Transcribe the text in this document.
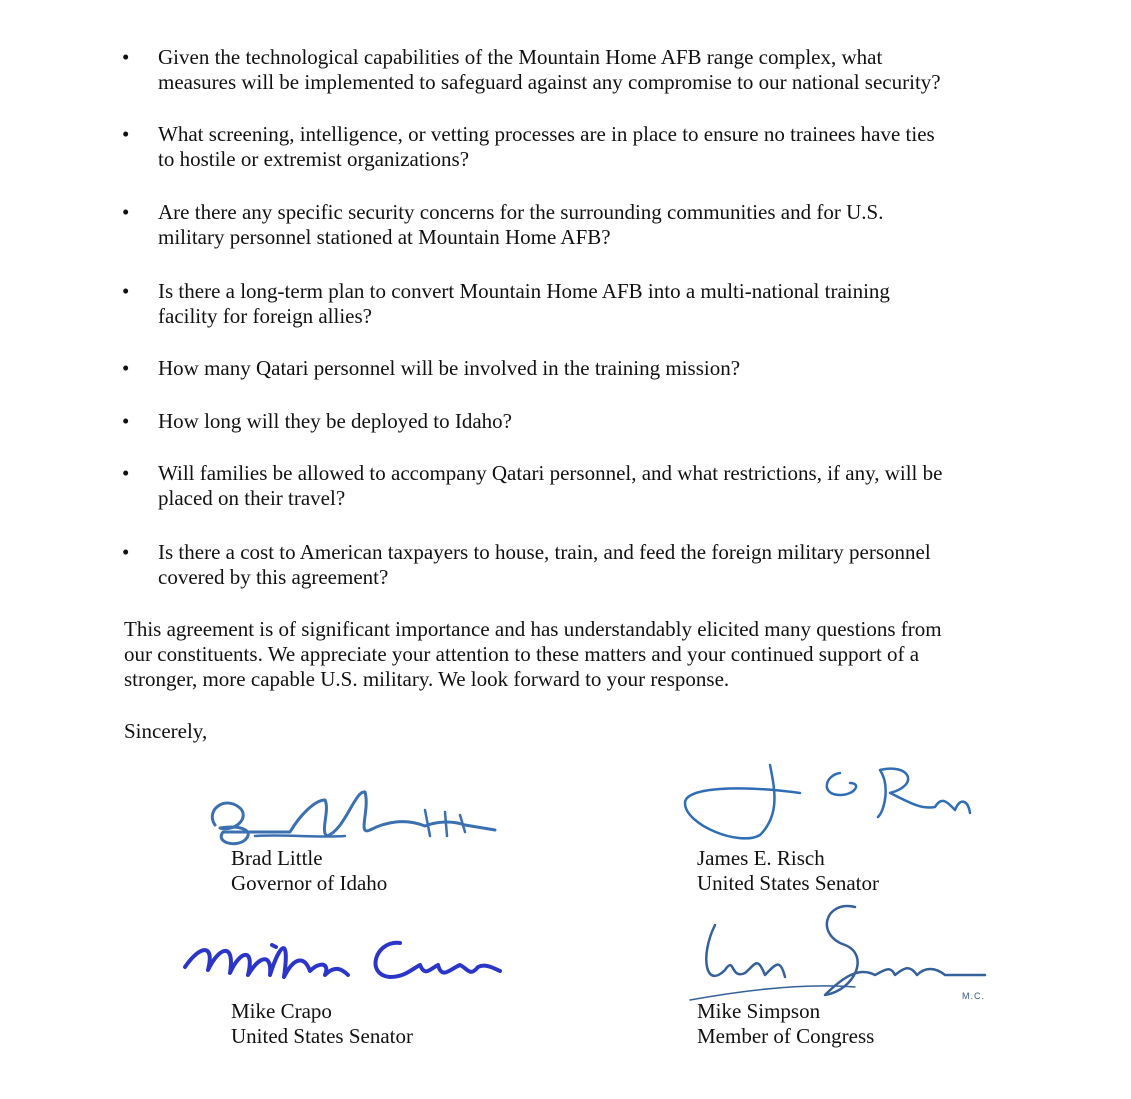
• Given the technological capabilities of the Mountain Home AFB range complex, what
measures will be implemented to safeguard against any compromise to our national security?
• What screening, intelligence, or vetting processes are in place to ensure no trainees have ties
to hostile or extremist organizations?
• Are there any specific security concerns for the surrounding communities and for U.S.
military personnel stationed at Mountain Home AFB?
• Is there a long-term plan to convert Mountain Home AFB into a multi-national training
facility for foreign allies?
• How many Qatari personnel will be involved in the training mission?
• How long will they be deployed to Idaho?
• Will families be allowed to accompany Qatari personnel, and what restrictions, if any, will be
placed on their travel?
• Is there a cost to American taxpayers to house, train, and feed the foreign military personnel
covered by this agreement?
This agreement is of significant importance and has understandably elicited many questions from
our constituents. We appreciate your attention to these matters and your continued support of a
stronger, more capable U.S. military. We look forward to your response.
Sincerely,
Brad Little
Governor of Idaho
James E. Risch
United States Senator
Mike Crapo
United States Senator
M.C.
Mike Simpson
Member of Congress
